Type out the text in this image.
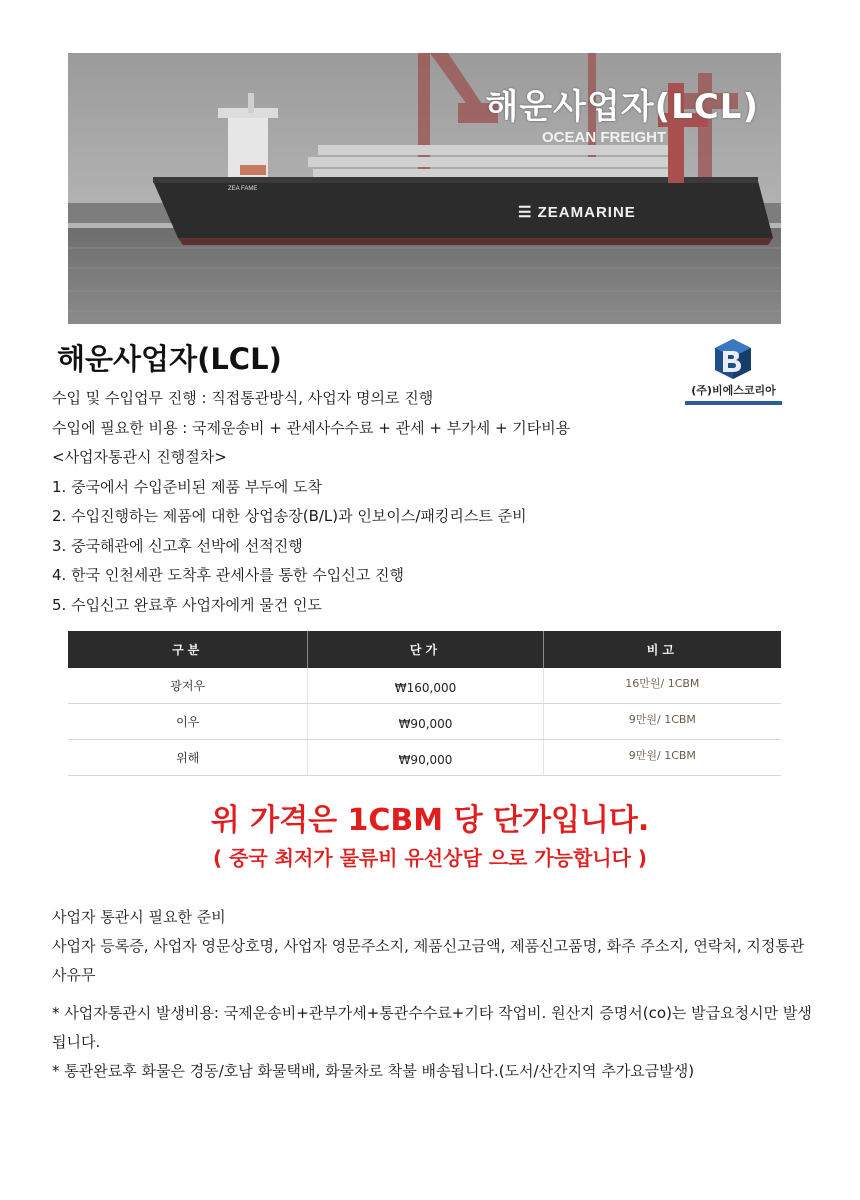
해운사업자(LCL)
OCEAN FREIGHT
ZEA FAME
☰ ZEAMARINE
해운사업자(LCL)
(주)비에스코리아
수입 및 수입업무 진행 : 직접통관방식, 사업자 명의로 진행
수입에 필요한 비용 : 국제운송비 + 관세사수수료 + 관세 + 부가세 + 기타비용
<사업자통관시 진행절차>
1. 중국에서 수입준비된 제품 부두에 도착
2. 수입진행하는 제품에 대한 상업송장(B/L)과 인보이스/패킹리스트 준비
3. 중국해관에 신고후 선박에 선적진행
4. 한국 인천세관 도착후 관세사를 통한 수입신고 진행
5. 수입신고 완료후 사업자에게 물건 인도
구분	단가	비고
광저우	₩160,000	16만원/ 1CBM
이우	₩90,000	9만원/ 1CBM
위해	₩90,000	9만원/ 1CBM
위 가격은 1CBM 당 단가입니다.
( 중국 최저가 물류비 유선상담 으로 가능합니다 )
사업자 통관시 필요한 준비
사업자 등록증, 사업자 영문상호명, 사업자 영문주소지, 제품신고금액, 제품신고품명, 화주 주소지, 연락처, 지정통관사유무
* 사업자통관시 발생비용: 국제운송비+관부가세+통관수수료+기타 작업비. 원산지 증명서(co)는 발급요청시만 발생됩니다.
* 통관완료후 화물은 경동/호남 화물택배, 화물차로 착불 배송됩니다.(도서/산간지역 추가요금발생)
